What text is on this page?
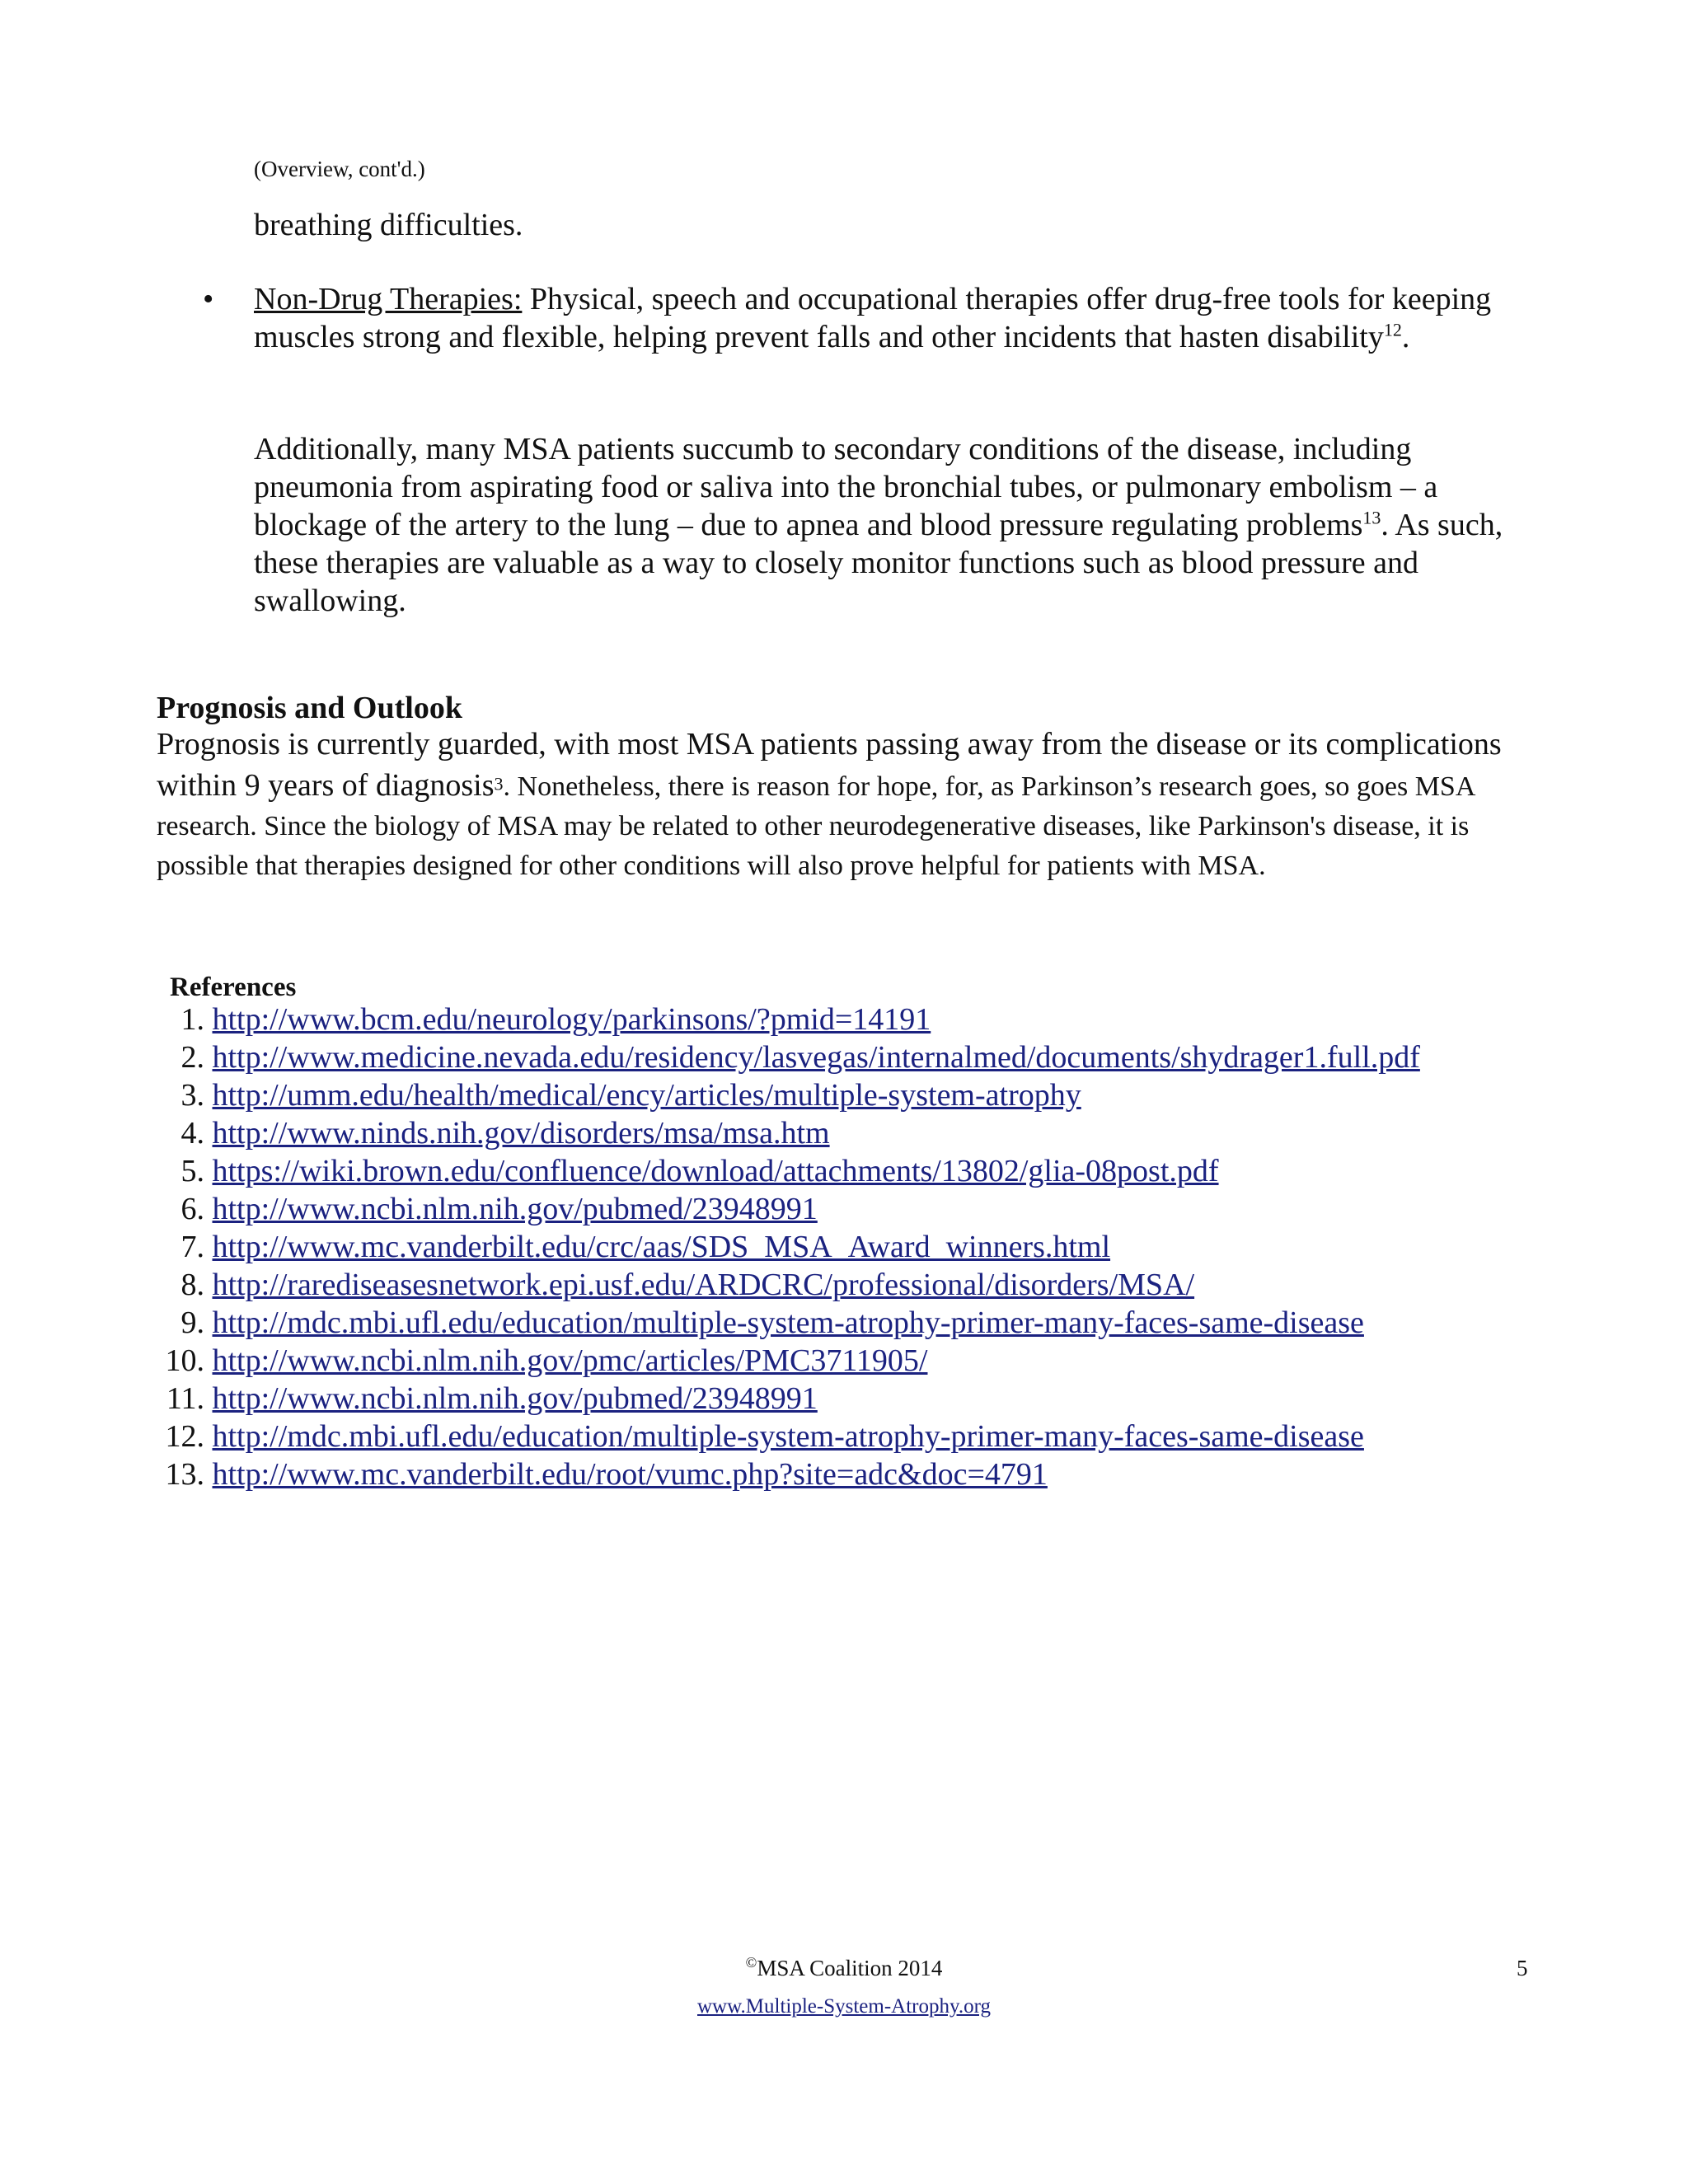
(Overview, cont'd.)
breathing difficulties.
• Non-Drug Therapies: Physical, speech and occupational therapies offer drug-free tools for keeping muscles strong and flexible, helping prevent falls and other incidents that hasten disability$^{12}$.
Additionally, many MSA patients succumb to secondary conditions of the disease, including pneumonia from aspirating food or saliva into the bronchial tubes, or pulmonary embolism – a blockage of the artery to the lung – due to apnea and blood pressure regulating problems$^{13}$. As such, these therapies are valuable as a way to closely monitor functions such as blood pressure and swallowing.
Prognosis and Outlook
Prognosis is currently guarded, with most MSA patients passing away from the disease or its complications within 9 years of diagnosis$^3$. Nonetheless, there is reason for hope, for, as Parkinson’s research goes, so goes MSA research. Since the biology of MSA may be related to other neurodegenerative diseases, like Parkinson's disease, it is possible that therapies designed for other conditions will also prove helpful for patients with MSA.
References
1. http://www.bcm.edu/neurology/parkinsons/?pmid=14191
2. http://www.medicine.nevada.edu/residency/lasvegas/internalmed/documents/shydrager1.full.pdf
3. http://umm.edu/health/medical/ency/articles/multiple-system-atrophy
4. http://www.ninds.nih.gov/disorders/msa/msa.htm
5. https://wiki.brown.edu/confluence/download/attachments/13802/glia-08post.pdf
6. http://www.ncbi.nlm.nih.gov/pubmed/23948991
7. http://www.mc.vanderbilt.edu/crc/aas/SDS_MSA_Award_winners.html
8. http://rarediseasesnetwork.epi.usf.edu/ARDCRC/professional/disorders/MSA/
9. http://mdc.mbi.ufl.edu/education/multiple-system-atrophy-primer-many-faces-same-disease
10. http://www.ncbi.nlm.nih.gov/pmc/articles/PMC3711905/
11. http://www.ncbi.nlm.nih.gov/pubmed/23948991
12. http://mdc.mbi.ufl.edu/education/multiple-system-atrophy-primer-many-faces-same-disease
13. http://www.mc.vanderbilt.edu/root/vumc.php?site=adc&doc=4791
©MSA Coalition 2014	5
www.Multiple-System-Atrophy.org
